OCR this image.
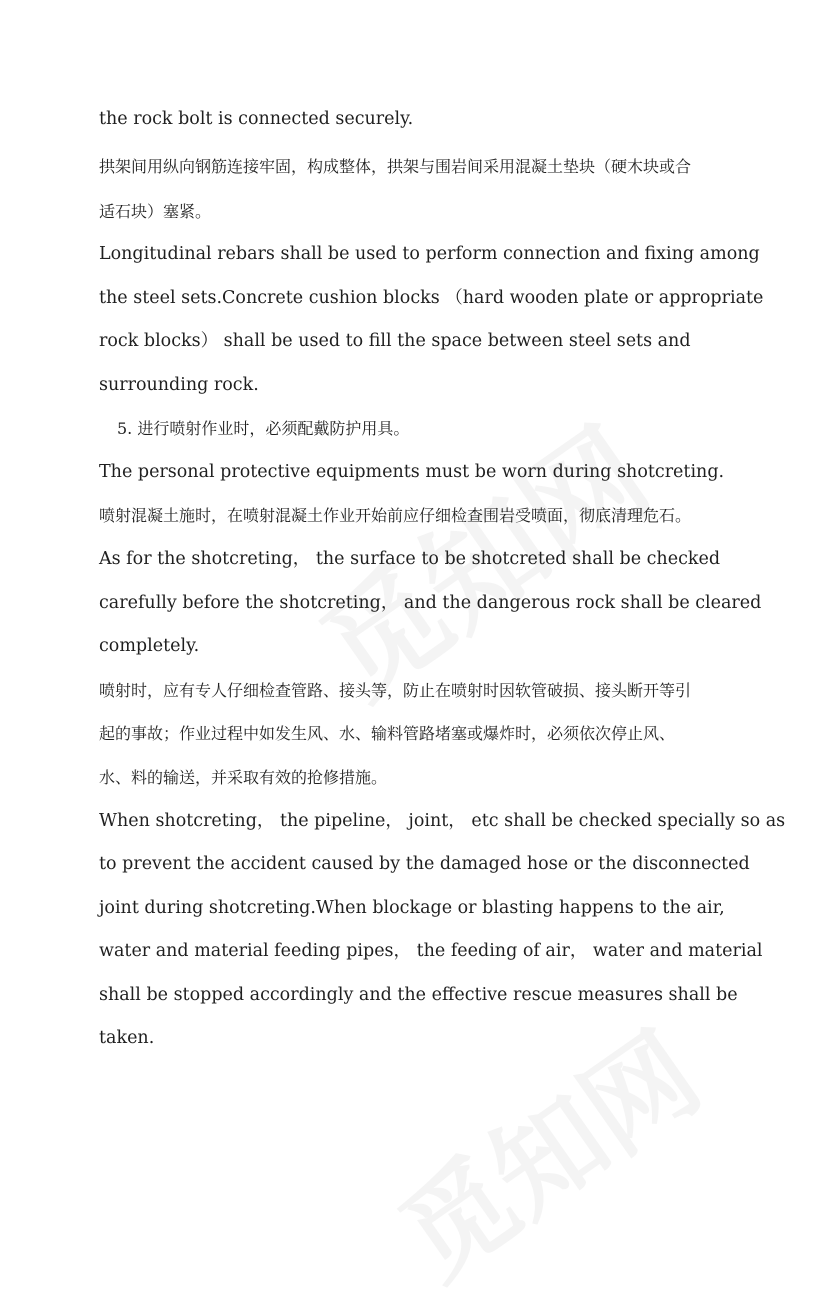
the rock bolt is connected securely.
拱架间用纵向钢筋连接牢固，构成整体，拱架与围岩间采用混凝土垫块（硬木块或合
适石块）塞紧。
Longitudinal rebars shall be used to perform connection and fixing among
the steel sets.Concrete cushion blocks （hard wooden plate or appropriate
rock blocks） shall be used to fill the space between steel sets and
surrounding rock.
5. 进行喷射作业时，必须配戴防护用具。
The personal protective equipments must be worn during shotcreting.
喷射混凝土施时，在喷射混凝土作业开始前应仔细检查围岩受喷面，彻底清理危石。
As for the shotcreting， the surface to be shotcreted shall be checked
carefully before the shotcreting， and the dangerous rock shall be cleared
completely.
喷射时，应有专人仔细检查管路、接头等，防止在喷射时因软管破损、接头断开等引
起的事故；作业过程中如发生风、水、输料管路堵塞或爆炸时，必须依次停止风、
水、料的输送，并采取有效的抢修措施。
When shotcreting， the pipeline， joint， etc shall be checked specially so as
to prevent the accident caused by the damaged hose or the disconnected
joint during shotcreting.When blockage or blasting happens to the air,
water and material feeding pipes， the feeding of air， water and material
shall be stopped accordingly and the effective rescue measures shall be
taken.
